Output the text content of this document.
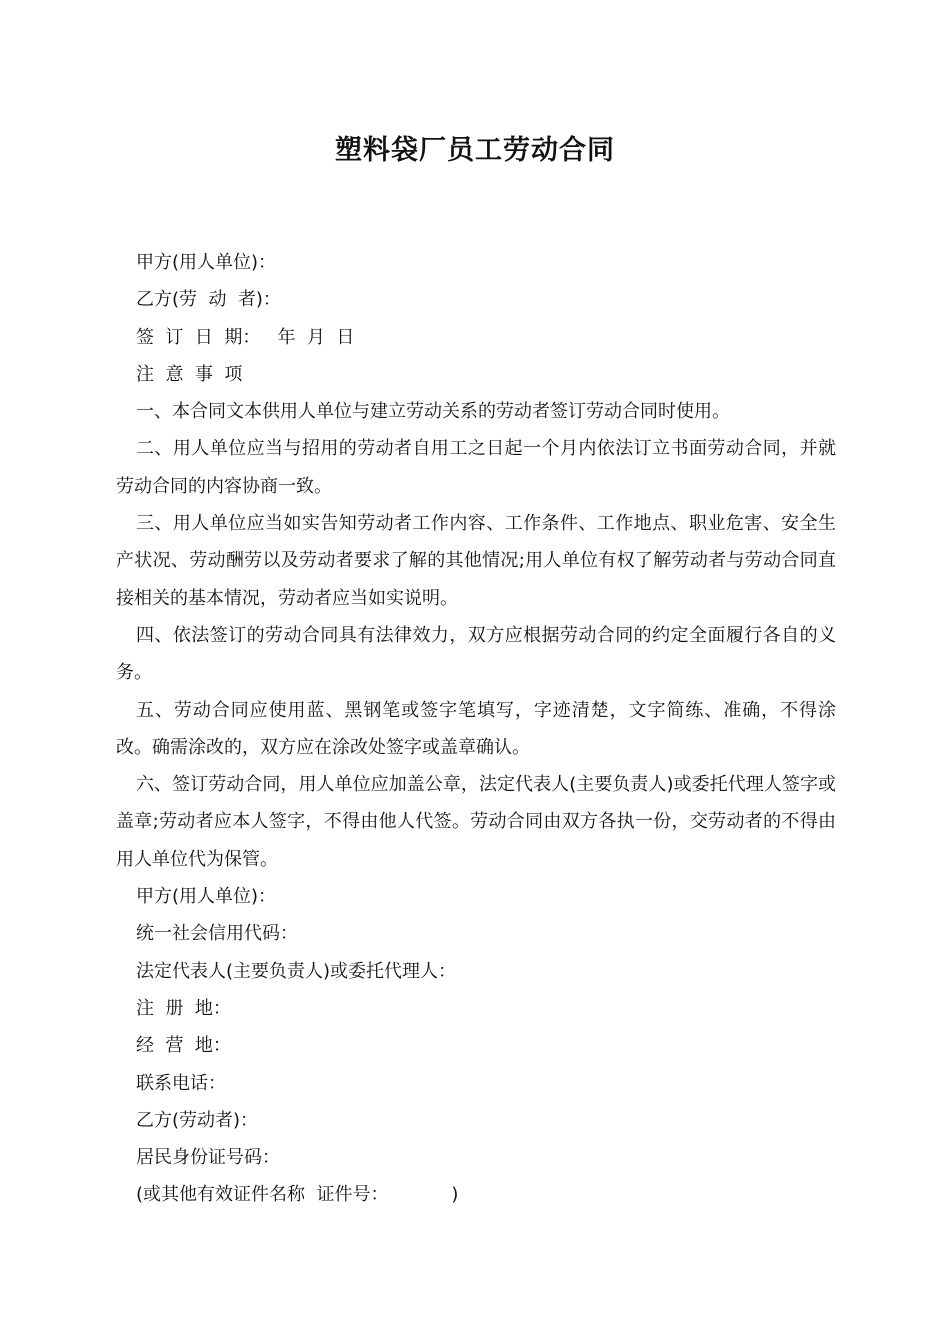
塑料袋厂员工劳动合同
甲方(用人单位)：
乙方(劳  动  者)：
签  订  日  期：   年  月  日
注  意  事  项

一、本合同文本供用人单位与建立劳动关系的劳动者签订劳动合同时使用。

二、用人单位应当与招用的劳动者自用工之日起一个月内依法订立书面劳动合同，并就劳动合同的内容协商一致。

三、用人单位应当如实告知劳动者工作内容、工作条件、工作地点、职业危害、安全生产状况、劳动酬劳以及劳动者要求了解的其他情况;用人单位有权了解劳动者与劳动合同直接相关的基本情况，劳动者应当如实说明。

四、依法签订的劳动合同具有法律效力，双方应根据劳动合同的约定全面履行各自的义务。

五、劳动合同应使用蓝、黑钢笔或签字笔填写，字迹清楚，文字简练、准确，不得涂改。确需涂改的，双方应在涂改处签字或盖章确认。

六、签订劳动合同，用人单位应加盖公章，法定代表人(主要负责人)或委托代理人签字或盖章;劳动者应本人签字，不得由他人代签。劳动合同由双方各执一份，交劳动者的不得由用人单位代为保管。

甲方(用人单位)：
统一社会信用代码：
法定代表人(主要负责人)或委托代理人：
注  册  地：
经  营  地：
联系电话：
乙方(劳动者)：
居民身份证号码：
(或其他有效证件名称  证件号：           )
